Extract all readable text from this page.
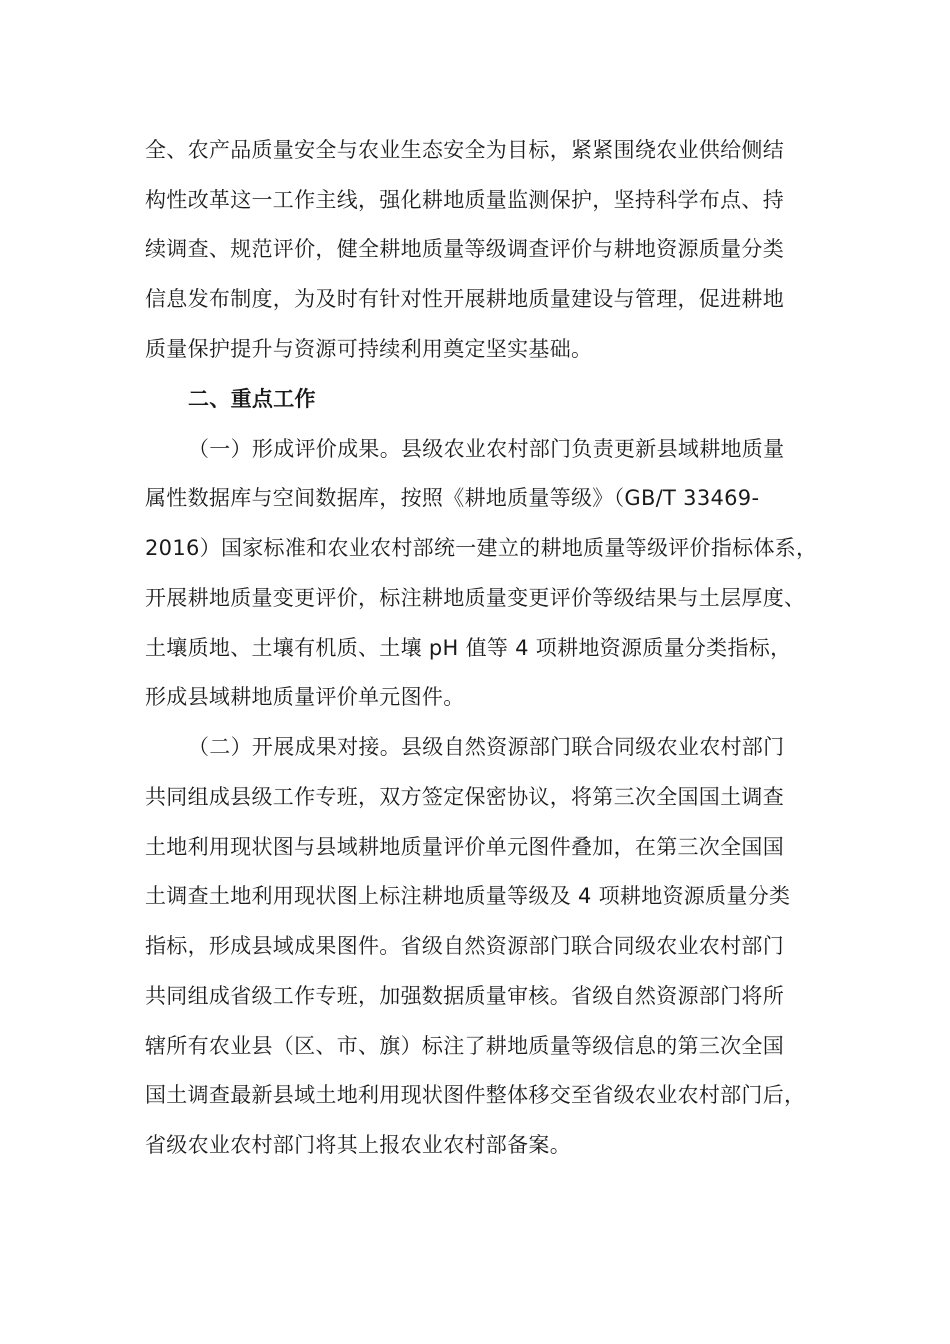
全、农产品质量安全与农业生态安全为目标，紧紧围绕农业供给侧结
构性改革这一工作主线，强化耕地质量监测保护，坚持科学布点、持
续调查、规范评价，健全耕地质量等级调查评价与耕地资源质量分类
信息发布制度，为及时有针对性开展耕地质量建设与管理，促进耕地
质量保护提升与资源可持续利用奠定坚实基础。
二、重点工作
（一）形成评价成果。县级农业农村部门负责更新县域耕地质量
属性数据库与空间数据库，按照《耕地质量等级》（GB/T 33469-
2016）国家标准和农业农村部统一建立的耕地质量等级评价指标体系，
开展耕地质量变更评价，标注耕地质量变更评价等级结果与土层厚度、
土壤质地、土壤有机质、土壤 pH 值等 4 项耕地资源质量分类指标，
形成县域耕地质量评价单元图件。
（二）开展成果对接。县级自然资源部门联合同级农业农村部门
共同组成县级工作专班，双方签定保密协议，将第三次全国国土调查
土地利用现状图与县域耕地质量评价单元图件叠加，在第三次全国国
土调查土地利用现状图上标注耕地质量等级及 4 项耕地资源质量分类
指标，形成县域成果图件。省级自然资源部门联合同级农业农村部门
共同组成省级工作专班，加强数据质量审核。省级自然资源部门将所
辖所有农业县（区、市、旗）标注了耕地质量等级信息的第三次全国
国土调查最新县域土地利用现状图件整体移交至省级农业农村部门后，
省级农业农村部门将其上报农业农村部备案。
